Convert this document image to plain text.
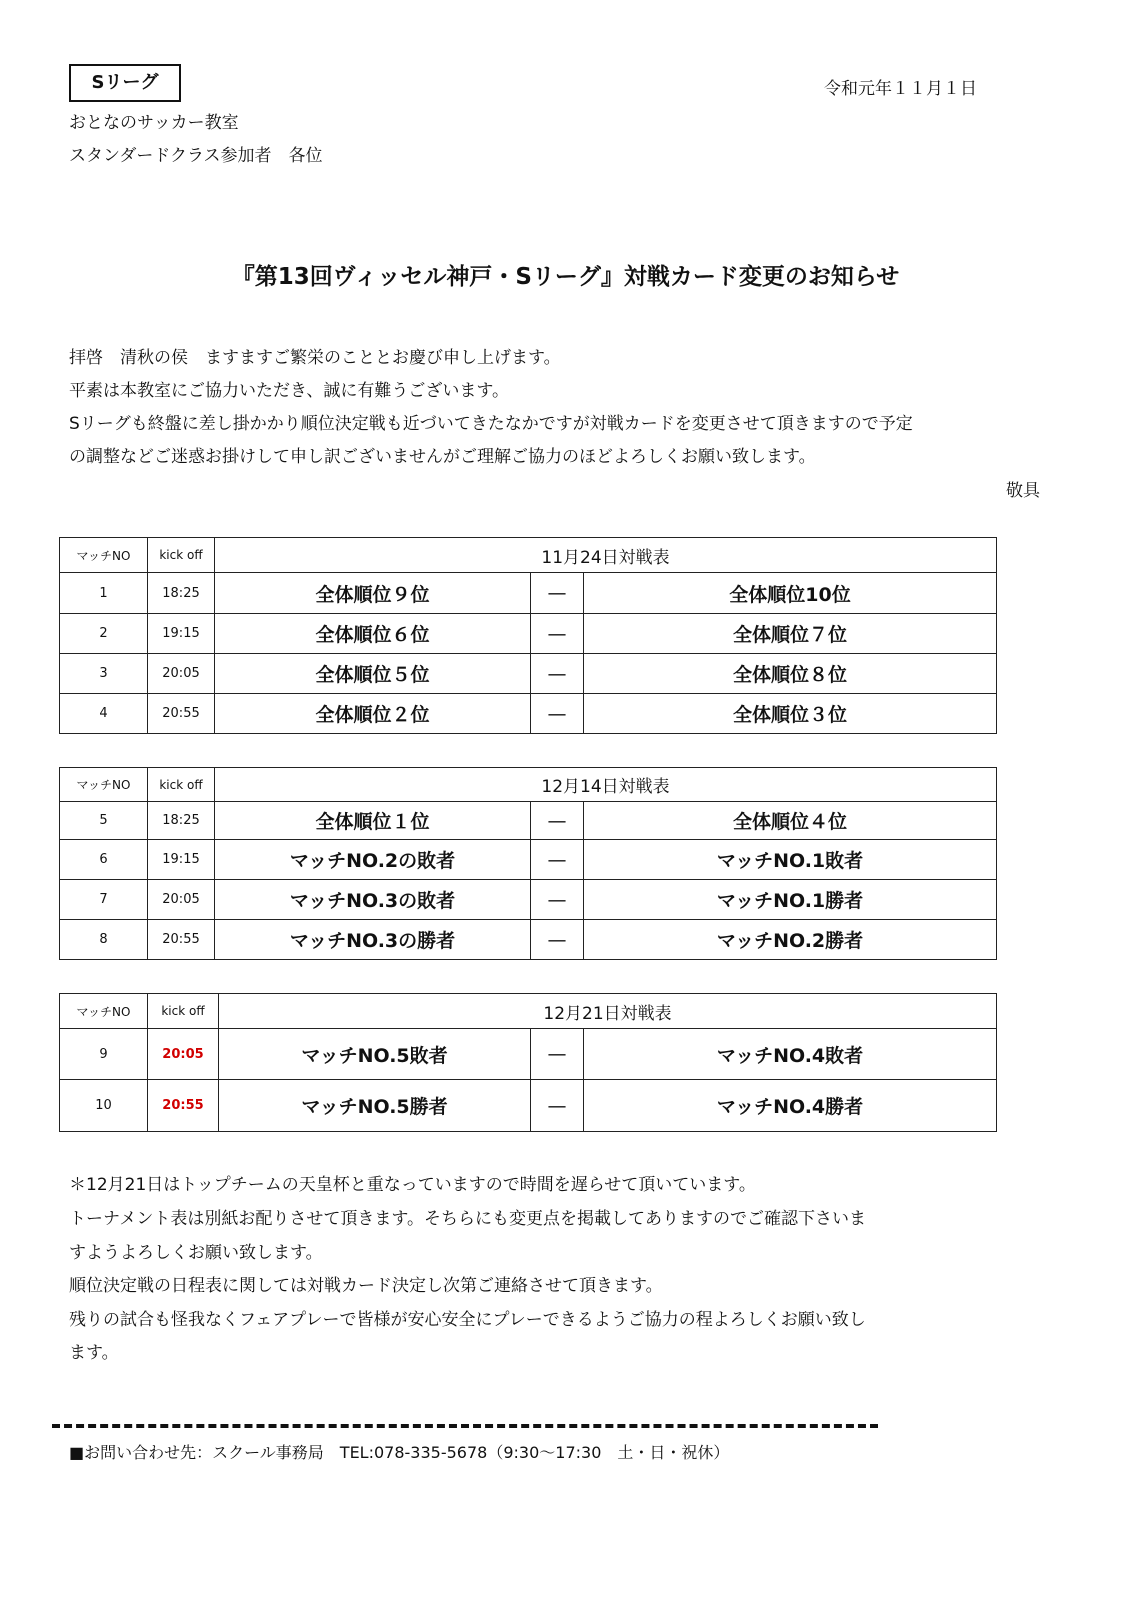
Sリーグ	令和元年１１月１日
おとなのサッカー教室
スタンダードクラス参加者　各位
『第13回ヴィッセル神戸・Sリーグ』対戦カード変更のお知らせ
拝啓　清秋の侯　ますますご繁栄のこととお慶び申し上げます。
平素は本教室にご協力いただき、誠に有難うございます。
Sリーグも終盤に差し掛かかり順位決定戦も近づいてきたなかですが対戦カードを変更させて頂きますので予定
の調整などご迷惑お掛けして申し訳ございませんがご理解ご協力のほどよろしくお願い致します。
敬具
マッチNO	kick off	11月24日対戦表		
1	18:25	全体順位９位	—	全体順位10位
2	19:15	全体順位６位	—	全体順位７位
3	20:05	全体順位５位	—	全体順位８位
4	20:55	全体順位２位	—	全体順位３位
マッチNO	kick off	12月14日対戦表		
5	18:25	全体順位１位	—	全体順位４位
6	19:15	マッチNO.2の敗者	—	マッチNO.1敗者
7	20:05	マッチNO.3の敗者	—	マッチNO.1勝者
8	20:55	マッチNO.3の勝者	—	マッチNO.2勝者
マッチNO	kick off	12月21日対戦表		
9	20:05	マッチNO.5敗者	—	マッチNO.4敗者
10	20:55	マッチNO.5勝者	—	マッチNO.4勝者
＊12月21日はトップチームの天皇杯と重なっていますので時間を遅らせて頂いています。
トーナメント表は別紙お配りさせて頂きます。そちらにも変更点を掲載してありますのでご確認下さいま
すようよろしくお願い致します。
順位決定戦の日程表に関しては対戦カード決定し次第ご連絡させて頂きます。
残りの試合も怪我なくフェアプレーで皆様が安心安全にプレーできるようご協力の程よろしくお願い致し
ます。
■お問い合わせ先：スクール事務局　TEL:078-335-5678（9:30～17:30　土・日・祝休）
